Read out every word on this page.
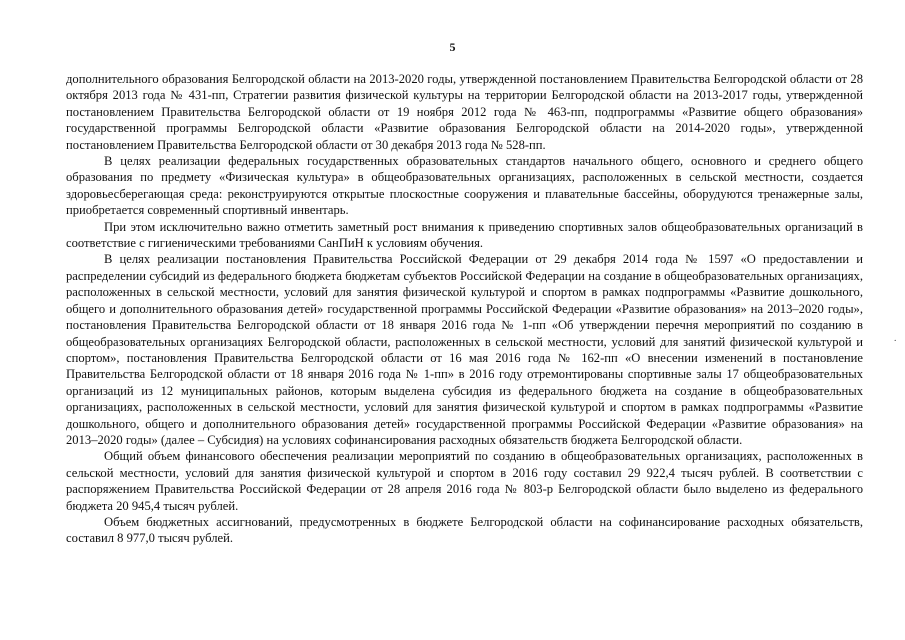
5

дополнительного образования Белгородской области на 2013-2020 годы, утвержденной постановлением Правительства Белгородской области от 28 октября 2013 года № 431-пп, Стратегии развития физической культуры на территории Белгородской области на 2013-2017 годы, утвержденной постановлением Правительства Белгородской области от 19 ноября 2012 года № 463-пп, подпрограммы «Развитие общего образования» государственной программы Белгородской области «Развитие образования Белгородской области на 2014-2020 годы», утвержденной постановлением Правительства Белгородской области от 30 декабря 2013 года № 528-пп.

В целях реализации федеральных государственных образовательных стандартов начального общего, основного и среднего общего образования по предмету «Физическая культура» в общеобразовательных организациях, расположенных в сельской местности, создается здоровьесберегающая среда: реконструируются открытые плоскостные сооружения и плавательные бассейны, оборудуются тренажерные залы, приобретается современный спортивный инвентарь.

При этом исключительно важно отметить заметный рост внимания к приведению спортивных залов общеобразовательных организаций в соответствие с гигиеническими требованиями СанПиН к условиям обучения.

В целях реализации постановления Правительства Российской Федерации от 29 декабря 2014 года № 1597 «О предоставлении и распределении субсидий из федерального бюджета бюджетам субъектов Российской Федерации на создание в общеобразовательных организациях, расположенных в сельской местности, условий для занятия физической культурой и спортом в рамках подпрограммы «Развитие дошкольного, общего и дополнительного образования детей» государственной программы Российской Федерации «Развитие образования» на 2013–2020 годы», постановления Правительства Белгородской области от 18 января 2016 года № 1-пп «Об утверждении перечня мероприятий по созданию в общеобразовательных организациях Белгородской области, расположенных в сельской местности, условий для занятий физической культурой и спортом», постановления Правительства Белгородской области от 16 мая 2016 года № 162-пп «О внесении изменений в постановление Правительства Белгородской области от 18 января 2016 года № 1-пп» в 2016 году отремонтированы спортивные залы 17 общеобразовательных организаций из 12 муниципальных районов, которым выделена субсидия из федерального бюджета на создание в общеобразовательных организациях, расположенных в сельской местности, условий для занятия физической культурой и спортом в рамках подпрограммы «Развитие дошкольного, общего и дополнительного образования детей» государственной программы Российской Федерации «Развитие образования» на 2013–2020 годы» (далее – Субсидия) на условиях софинансирования расходных обязательств бюджета Белгородской области.

Общий объем финансового обеспечения реализации мероприятий по созданию в общеобразовательных организациях, расположенных в сельской местности, условий для занятия физической культурой и спортом в 2016 году составил 29 922,4 тысяч рублей. В соответствии с распоряжением Правительства Российской Федерации от 28 апреля 2016 года № 803-р Белгородской области было выделено из федерального бюджета 20 945,4 тысяч рублей.

Объем бюджетных ассигнований, предусмотренных в бюджете Белгородской области на софинансирование расходных обязательств, составил 8 977,0 тысяч рублей.

·
